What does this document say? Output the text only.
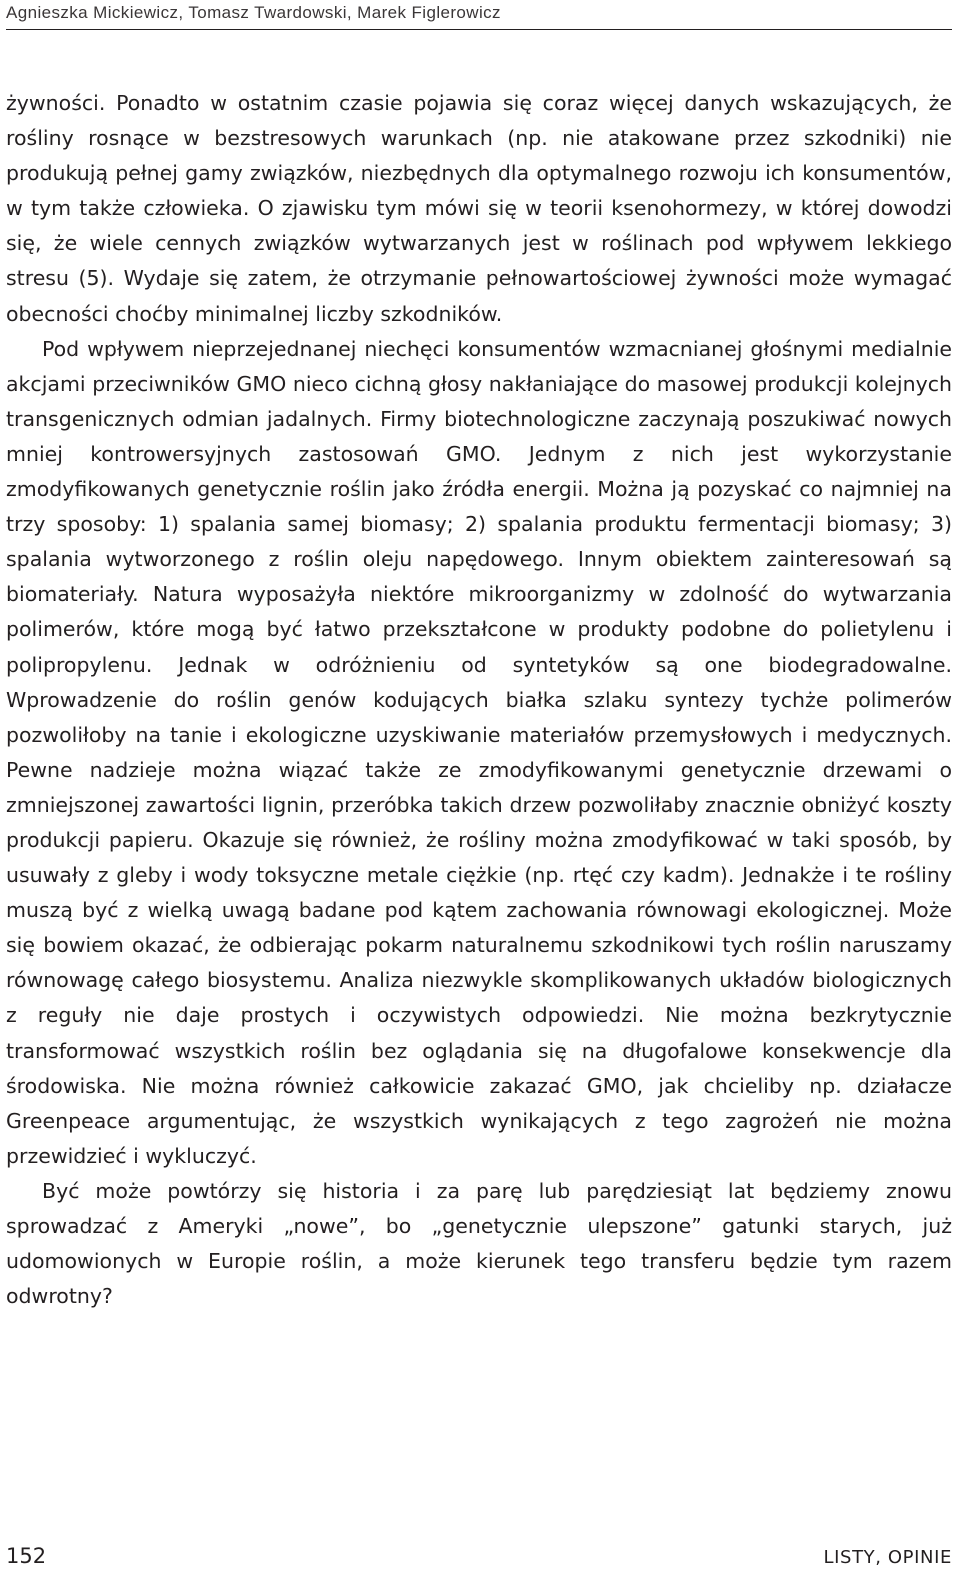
Agnieszka Mickiewicz, Tomasz Twardowski, Marek Figlerowicz

żywności. Ponadto w ostatnim czasie pojawia się coraz więcej danych wskazujących, że rośliny rosnące w bezstresowych warunkach (np. nie atakowane przez szkodniki) nie produkują pełnej gamy związków, niezbędnych dla optymalnego rozwoju ich konsumentów, w tym także człowieka. O zjawisku tym mówi się w teorii ksenohormezy, w której dowodzi się, że wiele cennych związków wytwarzanych jest w roślinach pod wpływem lekkiego stresu (5). Wydaje się zatem, że otrzymanie pełnowartościowej żywności może wymagać obecności choćby minimalnej liczby szkodników.

Pod wpływem nieprzejednanej niechęci konsumentów wzmacnianej głośnymi medialnie akcjami przeciwników GMO nieco cichną głosy nakłaniające do masowej produkcji kolejnych transgenicznych odmian jadalnych. Firmy biotechnologiczne zaczynają poszukiwać nowych mniej kontrowersyjnych zastosowań GMO. Jednym z nich jest wykorzystanie zmodyfikowanych genetycznie roślin jako źródła energii. Można ją pozyskać co najmniej na trzy sposoby: 1) spalania samej biomasy; 2) spalania produktu fermentacji biomasy; 3) spalania wytworzonego z roślin oleju napędowego. Innym obiektem zainteresowań są biomateriały. Natura wyposażyła niektóre mikroorganizmy w zdolność do wytwarzania polimerów, które mogą być łatwo przekształcone w produkty podobne do polietylenu i polipropylenu. Jednak w odróżnieniu od syntetyków są one biodegradowalne. Wprowadzenie do roślin genów kodujących białka szlaku syntezy tychże polimerów pozwoliłoby na tanie i ekologiczne uzyskiwanie materiałów przemysłowych i medycznych. Pewne nadzieje można wiązać także ze zmodyfikowanymi genetycznie drzewami o zmniejszonej zawartości lignin, przeróbka takich drzew pozwoliłaby znacznie obniżyć koszty produkcji papieru. Okazuje się również, że rośliny można zmodyfikować w taki sposób, by usuwały z gleby i wody toksyczne metale ciężkie (np. rtęć czy kadm). Jednakże i te rośliny muszą być z wielką uwagą badane pod kątem zachowania równowagi ekologicznej. Może się bowiem okazać, że odbierając pokarm naturalnemu szkodnikowi tych roślin naruszamy równowagę całego biosystemu. Analiza niezwykle skomplikowanych układów biologicznych z reguły nie daje prostych i oczywistych odpowiedzi. Nie można bezkrytycznie transformować wszystkich roślin bez oglądania się na długofalowe konsekwencje dla środowiska. Nie można również całkowicie zakazać GMO, jak chcieliby np. działacze Greenpeace argumentując, że wszystkich wynikających z tego zagrożeń nie można przewidzieć i wykluczyć.

Być może powtórzy się historia i za parę lub parędziesiąt lat będziemy znowu sprowadzać z Ameryki „nowe”, bo „genetycznie ulepszone” gatunki starych, już udomowionych w Europie roślin, a może kierunek tego transferu będzie tym razem odwrotny?

152	LISTY, OPINIE
